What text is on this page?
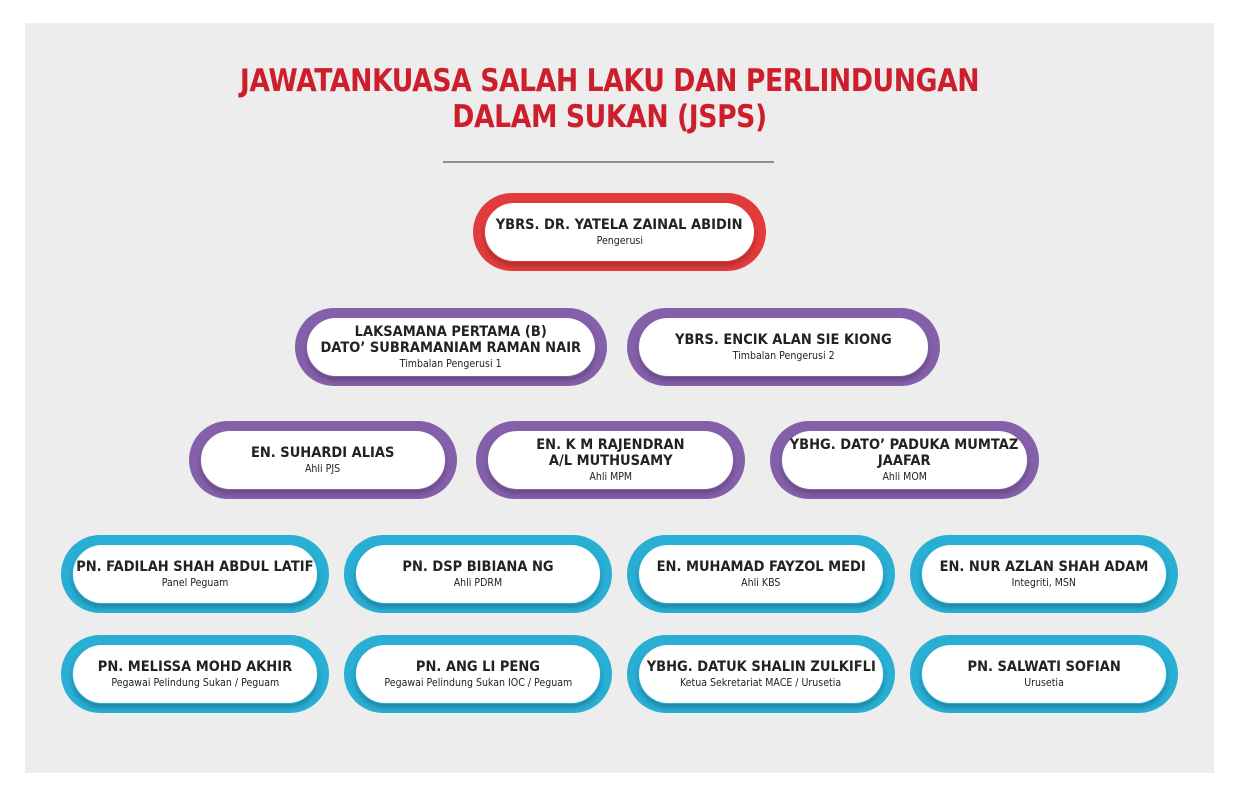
JAWATANKUASA SALAH LAKU DAN PERLINDUNGAN
DALAM SUKAN (JSPS)
YBRS. DR. YATELA ZAINAL ABIDIN
Pengerusi
LAKSAMANA PERTAMA (B)
DATO’ SUBRAMANIAM RAMAN NAIR
Timbalan Pengerusi 1
YBRS. ENCIK ALAN SIE KIONG
Timbalan Pengerusi 2
EN. SUHARDI ALIAS
Ahli PJS
EN. K M RAJENDRAN
A/L MUTHUSAMY
Ahli MPM
YBHG. DATO’ PADUKA MUMTAZ
JAAFAR
Ahli MOM
PN. FADILAH SHAH ABDUL LATIF
Panel Peguam
PN. DSP BIBIANA NG
Ahli PDRM
EN. MUHAMAD FAYZOL MEDI
Ahli KBS
EN. NUR AZLAN SHAH ADAM
Integriti, MSN
PN. MELISSA MOHD AKHIR
Pegawai Pelindung Sukan / Peguam
PN. ANG LI PENG
Pegawai Pelindung Sukan IOC / Peguam
YBHG. DATUK SHALIN ZULKIFLI
Ketua Sekretariat MACE / Urusetia
PN. SALWATI SOFIAN
Urusetia
